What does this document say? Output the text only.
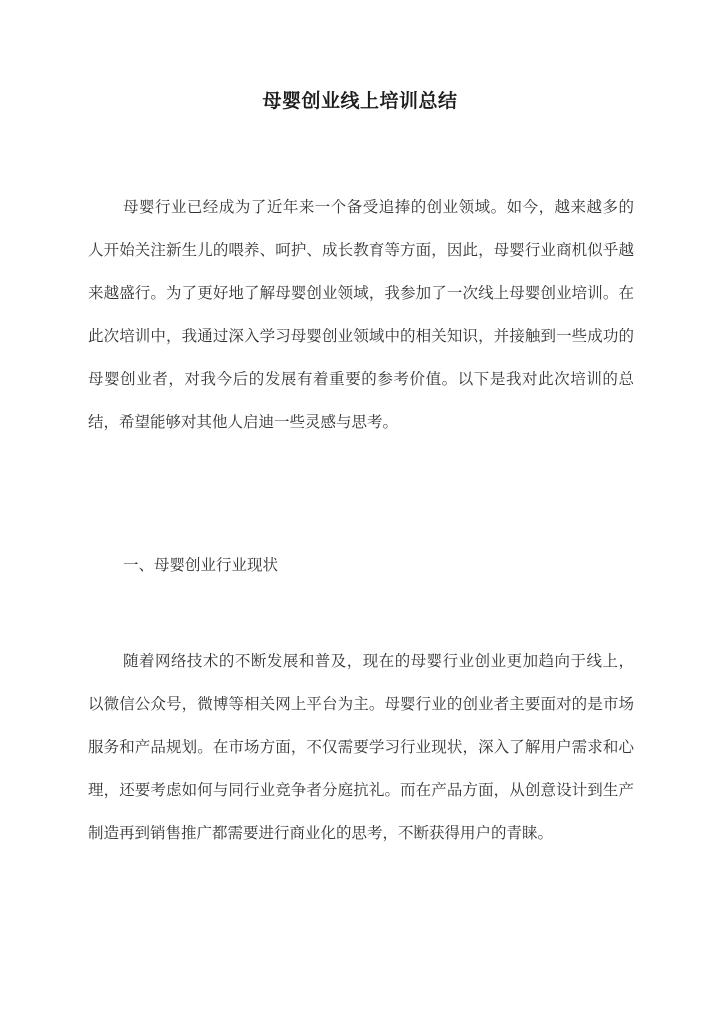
母婴创业线上培训总结
母婴行业已经成为了近年来一个备受追捧的创业领域。如今，越来越多的人开始关注新生儿的喂养、呵护、成长教育等方面，因此，母婴行业商机似乎越来越盛行。为了更好地了解母婴创业领域，我参加了一次线上母婴创业培训。在此次培训中，我通过深入学习母婴创业领域中的相关知识，并接触到一些成功的母婴创业者，对我今后的发展有着重要的参考价值。以下是我对此次培训的总结，希望能够对其他人启迪一些灵感与思考。
一、母婴创业行业现状
随着网络技术的不断发展和普及，现在的母婴行业创业更加趋向于线上，以微信公众号，微博等相关网上平台为主。母婴行业的创业者主要面对的是市场服务和产品规划。在市场方面，不仅需要学习行业现状，深入了解用户需求和心理，还要考虑如何与同行业竞争者分庭抗礼。而在产品方面，从创意设计到生产制造再到销售推广都需要进行商业化的思考，不断获得用户的青睐。
